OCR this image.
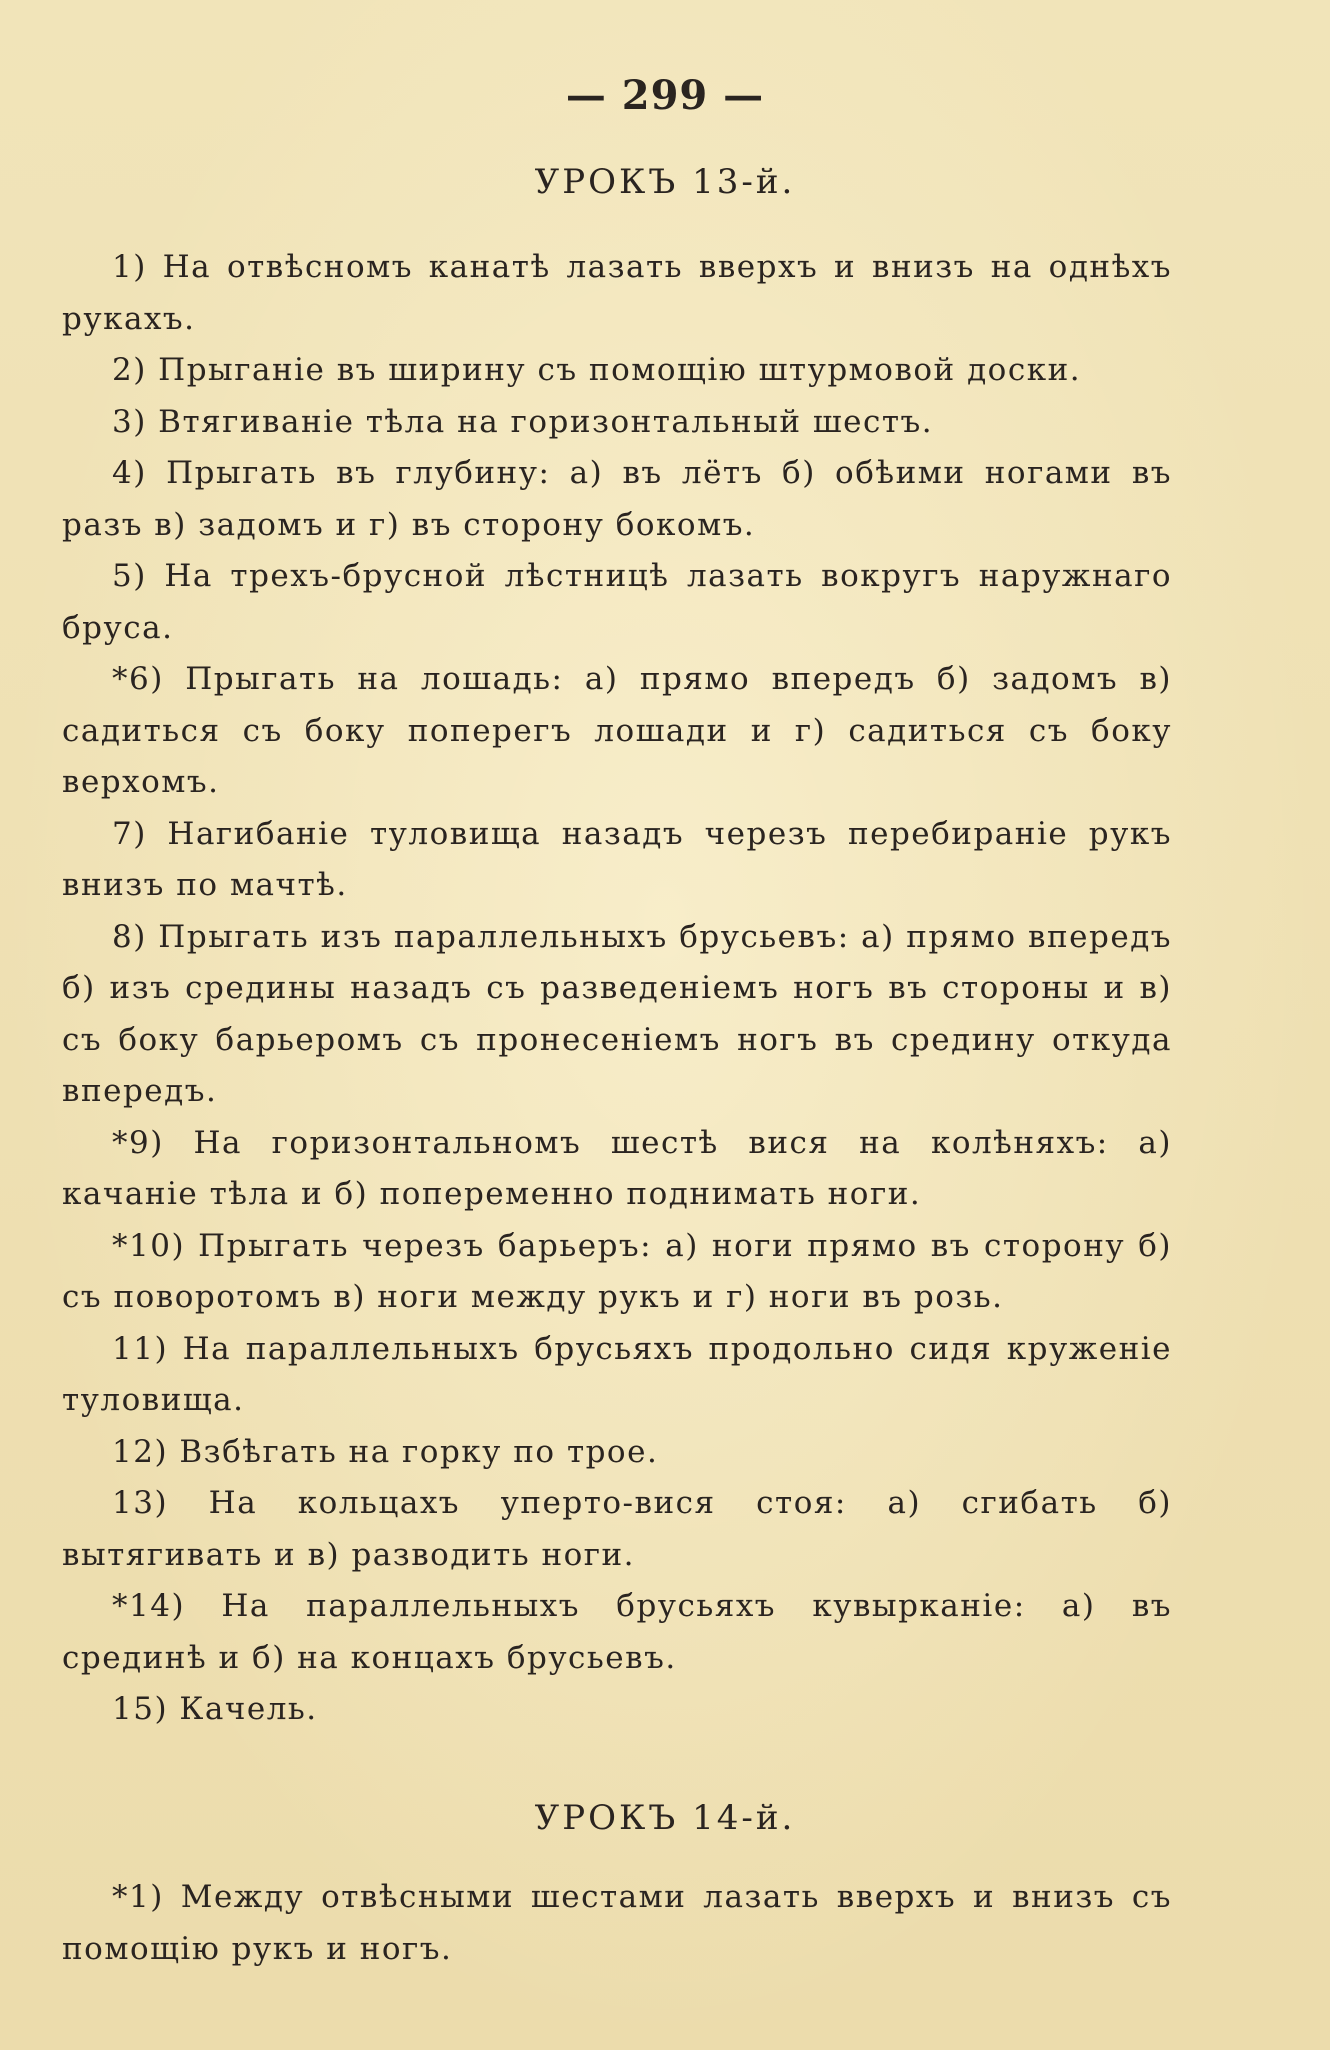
— 299 —
УРОКЪ 13-й.

1) На отвѣсномъ канатѣ лазать вверхъ и внизъ на однѣхъ рукахъ.

2) Прыганіе въ ширину съ помощію штурмовой доски.

3) Втягиваніе тѣла на горизонтальный шестъ.

4) Прыгать въ глубину: а) въ лётъ б) обѣими ногами въ разъ в) задомъ и г) въ сторону бокомъ.

5) На трехъ-брусной лѣстницѣ лазать вокругъ наружнаго бруса.

*6) Прыгать на лошадь: а) прямо впередъ б) задомъ в) садиться съ боку поперегъ лошади и г) садиться съ боку верхомъ.

7) Нагибаніе туловища назадъ черезъ перебираніе рукъ внизъ по мачтѣ.

8) Прыгать изъ параллельныхъ брусьевъ: а) прямо впередъ б) изъ средины назадъ съ разведеніемъ ногъ въ стороны и в) съ боку барьеромъ съ пронесеніемъ ногъ въ средину откуда впередъ.

*9) На горизонтальномъ шестѣ вися на колѣняхъ: а) качаніе тѣла и б) попеременно поднимать ноги.

*10) Прыгать черезъ барьеръ: а) ноги прямо въ сторону б) съ поворотомъ в) ноги между рукъ и г) ноги въ розь.

11) На параллельныхъ брусьяхъ продольно сидя круженіе туловища.

12) Взбѣгать на горку по трое.

13) На кольцахъ уперто-вися стоя: а) сгибать б) вытягивать и в) разводить ноги.

*14) На параллельныхъ брусьяхъ кувырканіе: а) въ срединѣ и б) на концахъ брусьевъ.

15) Качель.

УРОКЪ 14-й.

*1) Между отвѣсными шестами лазать вверхъ и внизъ съ помощію рукъ и ногъ.
